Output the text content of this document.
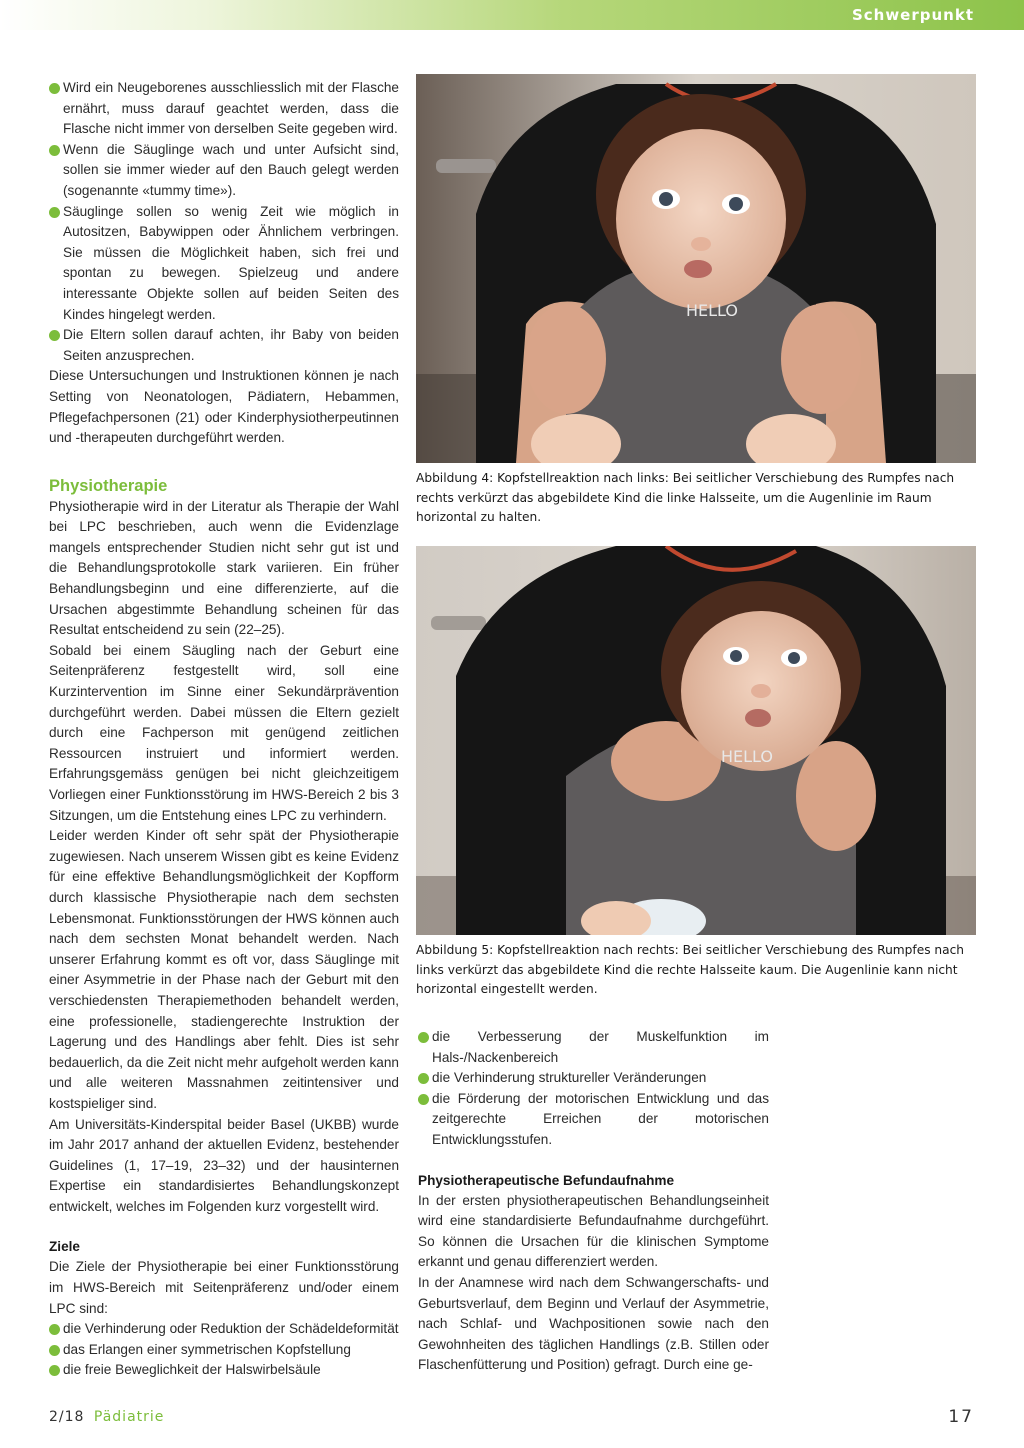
Schwerpunkt
Wird ein Neugeborenes ausschliesslich mit der Flasche ernährt, muss darauf geachtet werden, dass die Flasche nicht immer von derselben Seite gegeben wird.
Wenn die Säuglinge wach und unter Aufsicht sind, sollen sie immer wieder auf den Bauch gelegt werden (sogenannte «tummy time»).
Säuglinge sollen so wenig Zeit wie möglich in Autositzen, Babywippen oder Ähnlichem verbringen. Sie müssen die Möglichkeit haben, sich frei und spontan zu bewegen. Spielzeug und andere interessante Objekte sollen auf beiden Seiten des Kindes hingelegt werden.
Die Eltern sollen darauf achten, ihr Baby von beiden Seiten anzusprechen.

Diese Untersuchungen und Instruktionen können je nach Setting von Neonatologen, Pädiatern, Hebammen, Pflegefachpersonen (21) oder Kinderphysiotherpeutinnen und -therapeuten durchgeführt werden.

Physiotherapie

Physiotherapie wird in der Literatur als Therapie der Wahl bei LPC beschrieben, auch wenn die Evidenzlage mangels entsprechender Studien nicht sehr gut ist und die Behandlungsprotokolle stark variieren. Ein früher Behandlungsbeginn und eine differenzierte, auf die Ursachen abgestimmte Behandlung scheinen für das Resultat entscheidend zu sein (22–25).

Sobald bei einem Säugling nach der Geburt eine Seitenpräferenz festgestellt wird, soll eine Kurzintervention im Sinne einer Sekundärprävention durchgeführt werden. Dabei müssen die Eltern gezielt durch eine Fachperson mit genügend zeitlichen Ressourcen instruiert und informiert werden. Erfahrungsgemäss genügen bei nicht gleichzeitigem Vorliegen einer Funktionsstörung im HWS-Bereich 2 bis 3 Sitzungen, um die Entstehung eines LPC zu verhindern.

Leider werden Kinder oft sehr spät der Physiotherapie zugewiesen. Nach unserem Wissen gibt es keine Evidenz für eine effektive Behandlungsmöglichkeit der Kopfform durch klassische Physiotherapie nach dem sechsten Lebensmonat. Funktionsstörungen der HWS können auch nach dem sechsten Monat behandelt werden. Nach unserer Erfahrung kommt es oft vor, dass Säuglinge mit einer Asymmetrie in der Phase nach der Geburt mit den verschiedensten Therapiemethoden behandelt werden, eine professionelle, stadiengerechte Instruktion der Lagerung und des Handlings aber fehlt. Dies ist sehr bedauerlich, da die Zeit nicht mehr aufgeholt werden kann und alle weiteren Massnahmen zeitintensiver und kostspieliger sind.

Am Universitäts-Kinderspital beider Basel (UKBB) wurde im Jahr 2017 anhand der aktuellen Evidenz, bestehender Guidelines (1, 17–19, 23–32) und der hausinternen Expertise ein standardisiertes Behandlungskonzept entwickelt, welches im Folgenden kurz vorgestellt wird.

Ziele

Die Ziele der Physiotherapie bei einer Funktionsstörung im HWS-Bereich mit Seitenpräferenz und/oder einem LPC sind:

die Verhinderung oder Reduktion der Schädeldeformität
das Erlangen einer symmetrischen Kopfstellung
die freie Beweglichkeit der Halswirbelsäule
HELLO
Abbildung 4: Kopfstellreaktion nach links: Bei seitlicher Verschiebung des Rumpfes nach rechts verkürzt das abgebildete Kind die linke Halsseite, um die Augenlinie im Raum horizontal zu halten.
HELLO
Abbildung 5: Kopfstellreaktion nach rechts: Bei seitlicher Verschiebung des Rumpfes nach links verkürzt das abgebildete Kind die rechte Halsseite kaum. Die Augenlinie kann nicht horizontal eingestellt werden.
die Verbesserung der Muskelfunktion im Hals-/Nackenbereich
die Verhinderung struktureller Veränderungen
die Förderung der motorischen Entwicklung und das zeitgerechte Erreichen der motorischen Entwicklungsstufen.
Physiotherapeutische Befundaufnahme

In der ersten physiotherapeutischen Behandlungseinheit wird eine standardisierte Befundaufnahme durchgeführt. So können die Ursachen für die klinischen Symptome erkannt und genau differenziert werden.

In der Anamnese wird nach dem Schwangerschafts- und Geburtsverlauf, dem Beginn und Verlauf der Asymmetrie, nach Schlaf- und Wachpositionen sowie nach den Gewohnheiten des täglichen Handlings (z.B. Stillen oder Flaschenfütterung und Position) gefragt. Durch eine ge-

2/18 Pädiatrie	17
